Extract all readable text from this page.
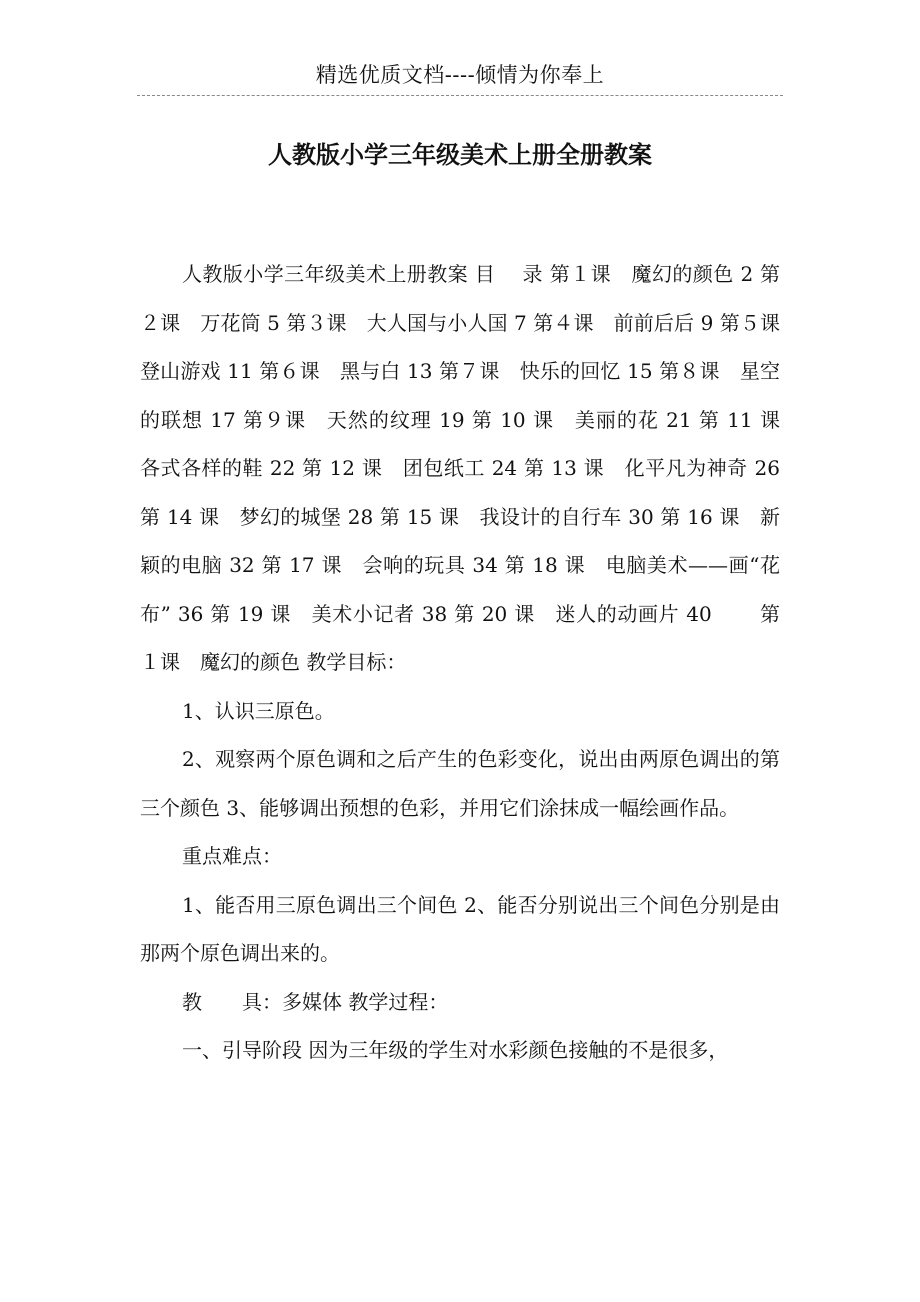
精选优质文档----倾情为你奉上
人教版小学三年级美术上册全册教案

人教版小学三年级美术上册教案 目 　录 第１课　魔幻的颜色 2 第２课　万花筒 5 第３课　大人国与小人国 7 第４课　前前后后 9 第５课　登山游戏 11 第６课　黑与白 13 第７课　快乐的回忆 15 第８课　星空的联想 17 第９课　天然的纹理 19 第 10 课　美丽的花 21 第 11 课　各式各样的鞋 22 第 12 课　团包纸工 24 第 13 课　化平凡为神奇 26 第 14 课　梦幻的城堡 28 第 15 课　我设计的自行车 30 第 16 课　新颖的电脑 32 第 17 课　会响的玩具 34 第 18 课　电脑美术——画“花布” 36 第 19 课　美术小记者 38 第 20 课　迷人的动画片 40 　　第１课　魔幻的颜色 教学目标：

1、认识三原色。

2、观察两个原色调和之后产生的色彩变化，说出由两原色调出的第三个颜色 3、能够调出预想的色彩，并用它们涂抹成一幅绘画作品。

重点难点：

1、能否用三原色调出三个间色 2、能否分别说出三个间色分别是由那两个原色调出来的。

教　　具：多媒体 教学过程：

一、引导阶段 因为三年级的学生对水彩颜色接触的不是很多，
